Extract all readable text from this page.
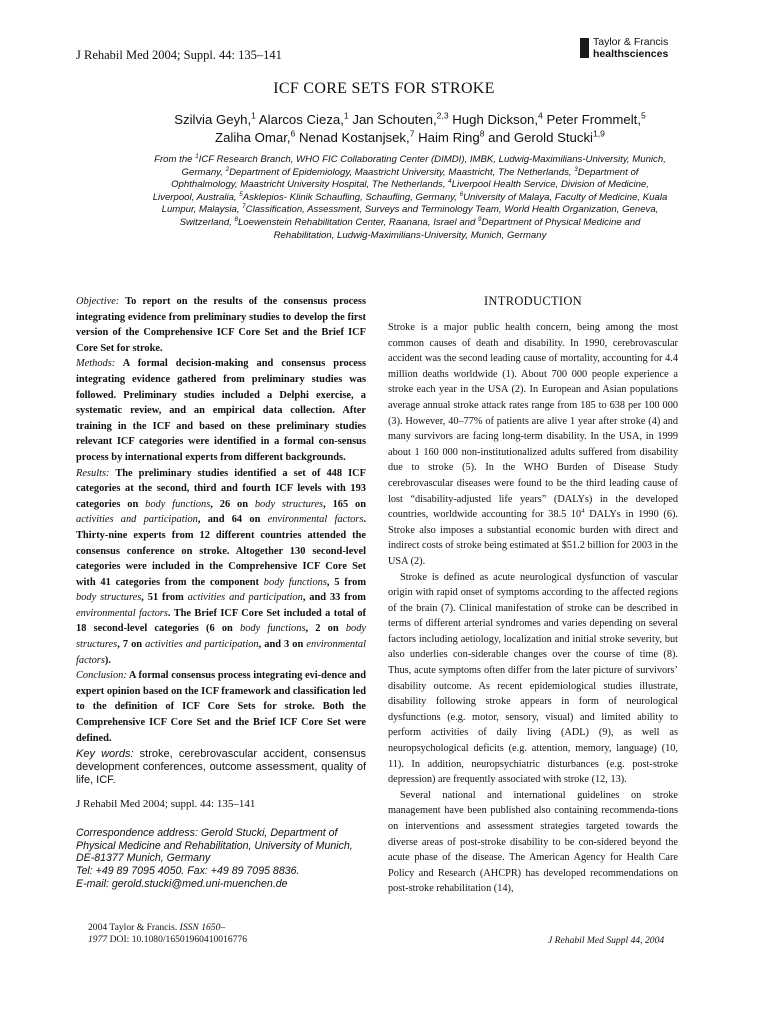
J Rehabil Med 2004; Suppl. 44: 135–141
Taylor & Francis
healthsciences
ICF CORE SETS FOR STROKE
Szilvia Geyh,$^1$ Alarcos Cieza,$^1$ Jan Schouten,$^{2,3}$ Hugh Dickson,$^4$ Peter Frommelt,$^5$
Zaliha Omar,$^6$ Nenad Kostanjsek,$^7$ Haim Ring$^8$ and Gerold Stucki$^{1,9}$
From the $^1$ICF Research Branch, WHO FIC Collaborating Center (DIMDI), IMBK, Ludwig-Maximilians-University, Munich, Germany, $^2$Department of Epidemiology, Maastricht University, Maastricht, The Netherlands, $^3$Department of Ophthalmology, Maastricht University Hospital, The Netherlands, $^4$Liverpool Health Service, Division of Medicine, Liverpool, Australia, $^5$Asklepios- Klinik Schaufling, Schaufling, Germany, $^6$University of Malaya, Faculty of Medicine, Kuala Lumpur, Malaysia, $^7$Classification, Assessment, Surveys and Terminology Team, World Health Organization, Geneva, Switzerland, $^8$Loewenstein Rehabilitation Center, Raanana, Israel and $^9$Department of Physical Medicine and Rehabilitation, Ludwig-Maximilians-University, Munich, Germany

Objective: To report on the results of the consensus process integrating evidence from preliminary studies to develop the first version of the Comprehensive ICF Core Set and the Brief ICF Core Set for stroke.

Methods: A formal decision-making and consensus process integrating evidence gathered from preliminary studies was followed. Preliminary studies included a Delphi exercise, a systematic review, and an empirical data collection. After training in the ICF and based on these preliminary studies relevant ICF categories were identified in a formal con-sensus process by international experts from different backgrounds.

Results: The preliminary studies identified a set of 448 ICF categories at the second, third and fourth ICF levels with 193 categories on body functions, 26 on body structures, 165 on activities and participation, and 64 on environmental factors. Thirty-nine experts from 12 different countries attended the consensus conference on stroke. Altogether 130 second-level categories were included in the Comprehensive ICF Core Set with 41 categories from the component body functions, 5 from body structures, 51 from activities and participation, and 33 from environmental factors. The Brief ICF Core Set included a total of 18 second-level categories (6 on body functions, 2 on body structures, 7 on activities and participation, and 3 on environmental factors).

Conclusion: A formal consensus process integrating evi-dence and expert opinion based on the ICF framework and classification led to the definition of ICF Core Sets for stroke. Both the Comprehensive ICF Core Set and the Brief ICF Core Set were defined.

Key words: stroke, cerebrovascular accident, consensus development conferences, outcome assessment, quality of life, ICF.

J Rehabil Med 2004; suppl. 44: 135–141

Correspondence address: Gerold Stucki, Department of Physical Medicine and Rehabilitation, University of Munich, DE-81377 Munich, Germany
Tel: +49 89 7095 4050. Fax: +49 89 7095 8836.
E-mail: gerold.stucki@med.uni-muenchen.de

INTRODUCTION

Stroke is a major public health concern, being among the most common causes of death and disability. In 1990, cerebrovascular accident was the second leading cause of mortality, accounting for 4.4 million deaths worldwide (1). About 700 000 people experience a stroke each year in the USA (2). In European and Asian populations average annual stroke attack rates range from 185 to 638 per 100 000 (3). However, 40–77% of patients are alive 1 year after stroke (4) and many survivors are facing long-term disability. In the USA, in 1999 about 1 160 000 non-institutionalized adults suffered from disability due to stroke (5). In the WHO Burden of Disease Study cerebrovascular diseases were found to be the third leading cause of lost “disability-adjusted life years” (DALYs) in the developed countries, worldwide accounting for 38.5 $10^4$ DALYs in 1990 (6). Stroke also imposes a substantial economic burden with direct and indirect costs of stroke being estimated at $51.2 billion for 2003 in the USA (2).

Stroke is defined as acute neurological dysfunction of vascular origin with rapid onset of symptoms according to the affected regions of the brain (7). Clinical manifestation of stroke can be described in terms of different arterial syndromes and varies depending on several factors including aetiology, localization and initial stroke severity, but also underlies con-siderable changes over the course of time (8). Thus, acute symptoms often differ from the later picture of survivors’ disability outcome. As recent epidemiological studies illustrate, disability following stroke appears in form of neurological dysfunctions (e.g. motor, sensory, visual) and limited ability to perform activities of daily living (ADL) (9), as well as neuropsychological deficits (e.g. attention, memory, language) (10, 11). In addition, neuropsychiatric disturbances (e.g. post-stroke depression) are frequently associated with stroke (12, 13).

Several national and international guidelines on stroke management have been published also containing recommenda-tions on interventions and assessment strategies targeted towards the diverse areas of post-stroke disability to be con-sidered beyond the acute phase of the disease. The American Agency for Health Care Policy and Research (AHCPR) has developed recommendations on post-stroke rehabilitation (14),

2004 Taylor & Francis. ISSN 1650–
1977 DOI: 10.1080/16501960410016776	J Rehabil Med Suppl 44, 2004
